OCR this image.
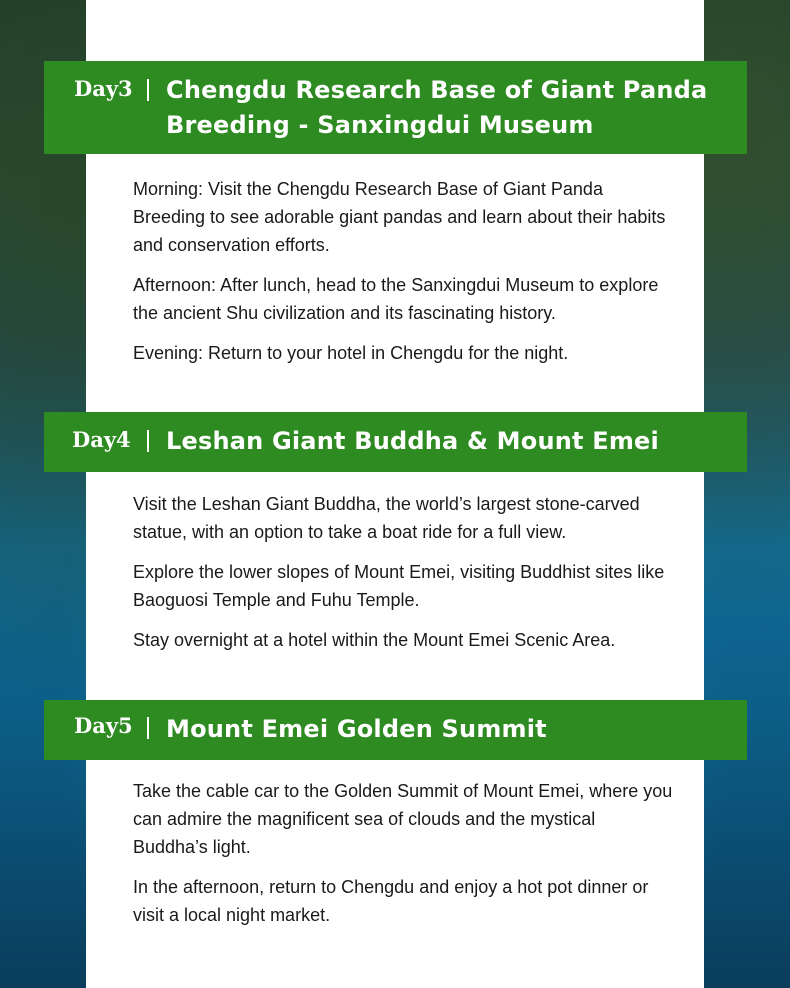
Day3 Chengdu Research Base of Giant Panda Breeding - Sanxingdui Museum

Morning: Visit the Chengdu Research Base of Giant Panda Breeding to see adorable giant pandas and learn about their habits and conservation efforts.

Afternoon: After lunch, head to the Sanxingdui Museum to explore the ancient Shu civilization and its fascinating history.

Evening: Return to your hotel in Chengdu for the night.

Day4 Leshan Giant Buddha & Mount Emei

Visit the Leshan Giant Buddha, the world’s largest stone-carved statue, with an option to take a boat ride for a full view.

Explore the lower slopes of Mount Emei, visiting Buddhist sites like Baoguosi Temple and Fuhu Temple.

Stay overnight at a hotel within the Mount Emei Scenic Area.

Day5 Mount Emei Golden Summit

Take the cable car to the Golden Summit of Mount Emei, where you can admire the magnificent sea of clouds and the mystical Buddha’s light.

In the afternoon, return to Chengdu and enjoy a hot pot dinner or visit a local night market.
